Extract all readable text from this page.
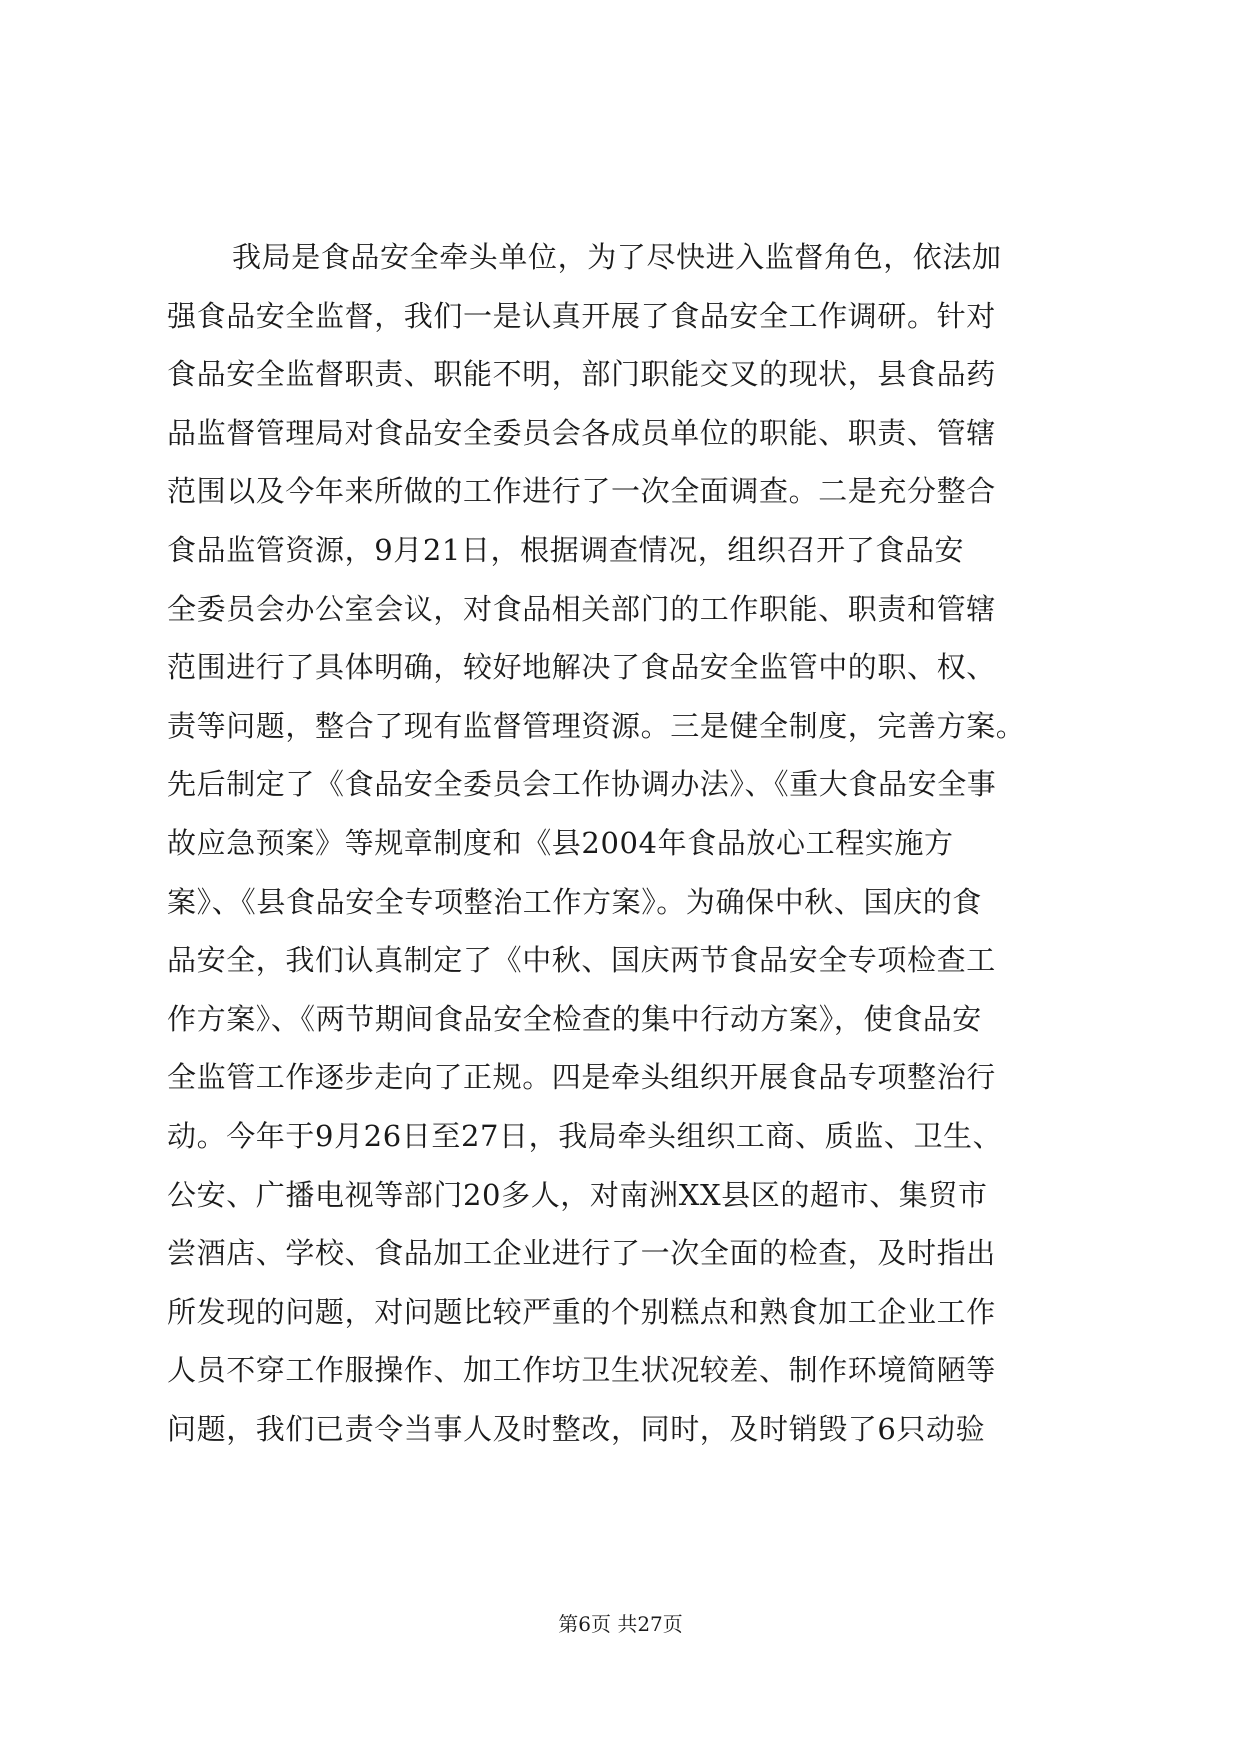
我局是食品安全牵头单位，为了尽快进入监督角色，依法加
强食品安全监督，我们一是认真开展了食品安全工作调研。针对
食品安全监督职责、职能不明，部门职能交叉的现状，县食品药
品监督管理局对食品安全委员会各成员单位的职能、职责、管辖
范围以及今年来所做的工作进行了一次全面调查。二是充分整合
食品监管资源，9月21日，根据调查情况，组织召开了食品安
全委员会办公室会议，对食品相关部门的工作职能、职责和管辖
范围进行了具体明确，较好地解决了食品安全监管中的职、权、
责等问题，整合了现有监督管理资源。三是健全制度，完善方案。
先后制定了《食品安全委员会工作协调办法》、《重大食品安全事
故应急预案》等规章制度和《县2004年食品放心工程实施方
案》、《县食品安全专项整治工作方案》。为确保中秋、国庆的食
品安全，我们认真制定了《中秋、国庆两节食品安全专项检查工
作方案》、《两节期间食品安全检查的集中行动方案》，使食品安
全监管工作逐步走向了正规。四是牵头组织开展食品专项整治行
动。今年于9月26日至27日，我局牵头组织工商、质监、卫生、
公安、广播电视等部门20多人，对南洲XX县区的超市、集贸市
尝酒店、学校、食品加工企业进行了一次全面的检查，及时指出
所发现的问题，对问题比较严重的个别糕点和熟食加工企业工作
人员不穿工作服操作、加工作坊卫生状况较差、制作环境简陋等
问题，我们已责令当事人及时整改，同时，及时销毁了6只动验
第6页 共27页
